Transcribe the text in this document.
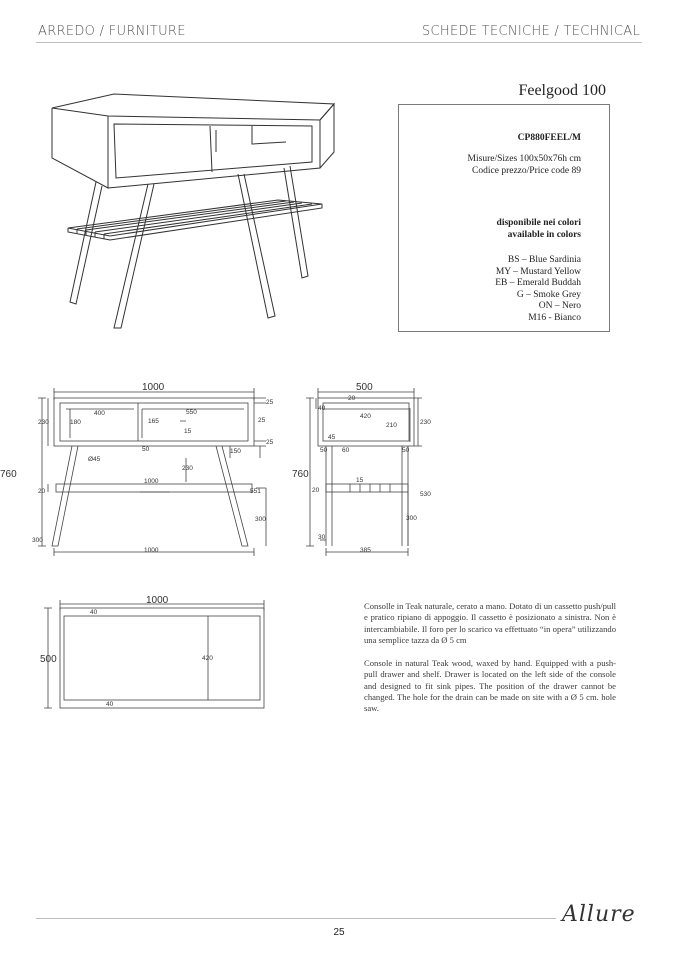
ARREDO / FURNITURE	SCHEDE TECNICHE / TECHNICAL
Feelgood 100
CP880FEEL/M
Misure/Sizes 100x50x76h cm
Codice prezzo/Price code 89
disponibile nei colori
available in colors
BS – Blue Sardinia
MY – Mustard Yellow
EB – Emerald Buddah
G – Smoke Grey
ON – Nero
M16 - Bianco
1000
400	550
25
25
25
230	180	165
15
50	150
Ø45
230
760
20
1000
551
300
300
1000
500
20
40
420
210	230
45
50 60	50
760
15
20
530
300
30
385
1000
40
500	420
40
Consolle in Teak naturale, cerato a mano. Dotato di un cassetto push/pull e pratico ripiano di appoggio. Il cassetto è posizionato a sinistra. Non è intercambiabile. Il foro per lo scarico va effettuato “in opera” utilizzando una semplice tazza da Ø 5 cm
Console in natural Teak wood, waxed by hand. Equipped with a push-pull drawer and shelf. Drawer is located on the left side of the console and designed to fit sink pipes. The position of the drawer cannot be changed. The hole for the drain can be made on site with a Ø 5 cm. hole saw.
Allure
25
